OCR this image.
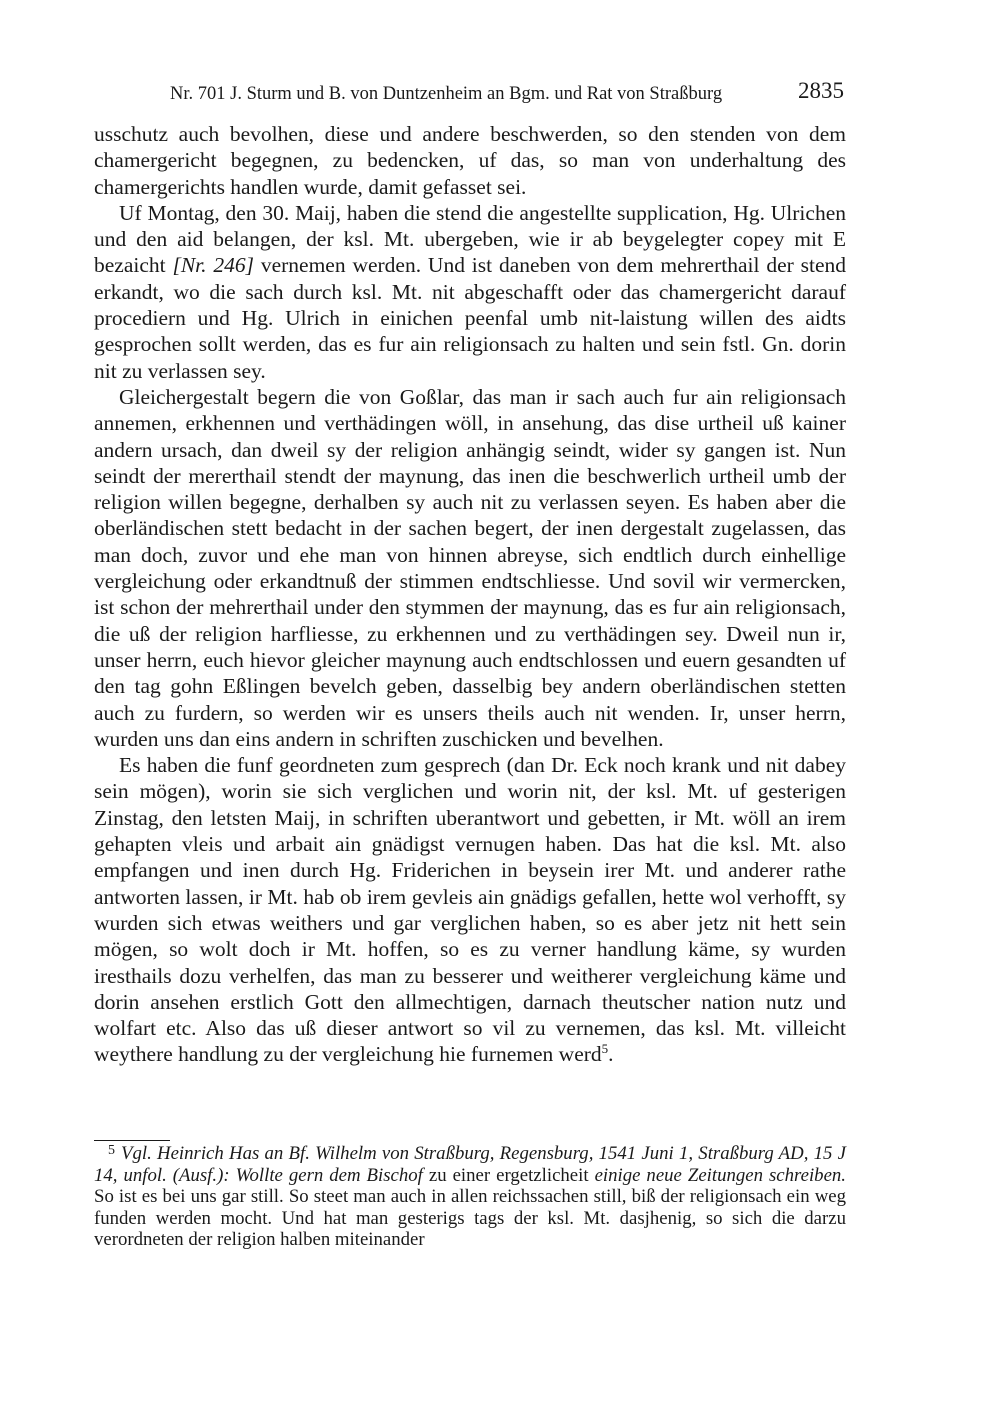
Nr. 701 J. Sturm und B. von Duntzenheim an Bgm. und Rat von Straßburg	2835

usschutz auch bevolhen, diese und andere beschwerden, so den stenden von dem chamergericht begegnen, zu bedencken, uf das, so man von underhaltung des chamergerichts handlen wurde, damit gefasset sei.

Uf Montag, den 30. Maij, haben die stend die angestellte supplication, Hg. Ulrichen und den aid belangen, der ksl. Mt. ubergeben, wie ir ab beygelegter copey mit E bezaicht [Nr. 246] vernemen werden. Und ist daneben von dem mehrerthail der stend erkandt, wo die sach durch ksl. Mt. nit abgeschafft oder das chamergericht darauf procediern und Hg. Ulrich in einichen peenfal umb nit-laistung willen des aidts gesprochen sollt werden, das es fur ain religionsach zu halten und sein fstl. Gn. dorin nit zu verlassen sey.

Gleichergestalt begern die von Goßlar, das man ir sach auch fur ain religionsach annemen, erkhennen und verthädingen wöll, in ansehung, das dise urtheil uß kainer andern ursach, dan dweil sy der religion anhängig seindt, wider sy gangen ist. Nun seindt der mererthail stendt der maynung, das inen die beschwerlich urtheil umb der religion willen begegne, derhalben sy auch nit zu verlassen seyen. Es haben aber die oberländischen stett bedacht in der sachen begert, der inen dergestalt zugelassen, das man doch, zuvor und ehe man von hinnen abreyse, sich endtlich durch einhellige vergleichung oder erkandtnuß der stimmen endtschliesse. Und sovil wir vermercken, ist schon der mehrerthail under den stymmen der maynung, das es fur ain religionsach, die uß der religion harfliesse, zu erkhennen und zu verthädingen sey. Dweil nun ir, unser herrn, euch hievor gleicher maynung auch endtschlossen und euern gesandten uf den tag gohn Eßlingen bevelch geben, dasselbig bey andern oberländischen stetten auch zu furdern, so werden wir es unsers theils auch nit wenden. Ir, unser herrn, wurden uns dan eins andern in schriften zuschicken und bevelhen.

Es haben die funf geordneten zum gesprech (dan Dr. Eck noch krank und nit dabey sein mögen), worin sie sich verglichen und worin nit, der ksl. Mt. uf gesterigen Zinstag, den letsten Maij, in schriften uberantwort und gebetten, ir Mt. wöll an irem gehapten vleis und arbait ain gnädigst vernugen haben. Das hat die ksl. Mt. also empfangen und inen durch Hg. Friderichen in beysein irer Mt. und anderer rathe antworten lassen, ir Mt. hab ob irem gevleis ain gnädigs gefallen, hette wol verhofft, sy wurden sich etwas weithers und gar verglichen haben, so es aber jetz nit hett sein mögen, so wolt doch ir Mt. hoffen, so es zu verner handlung käme, sy wurden iresthails dozu verhelfen, das man zu besserer und weitherer vergleichung käme und dorin ansehen erstlich Gott den allmechtigen, darnach theutscher nation nutz und wolfart etc. Also das uß dieser antwort so vil zu vernemen, das ksl. Mt. villeicht weythere handlung zu der vergleichung hie furnemen werd$^5$.

$^5$ Vgl. Heinrich Has an Bf. Wilhelm von Straßburg, Regensburg, 1541 Juni 1, Straßburg AD, 15 J 14, unfol. (Ausf.): Wollte gern dem Bischof zu einer ergetzlicheit einige neue Zeitungen schreiben. So ist es bei uns gar still. So steet man auch in allen reichssachen still, biß der religionsach ein weg funden werden mocht. Und hat man gesterigs tags der ksl. Mt. dasjhenig, so sich die darzu verordneten der religion halben miteinander
